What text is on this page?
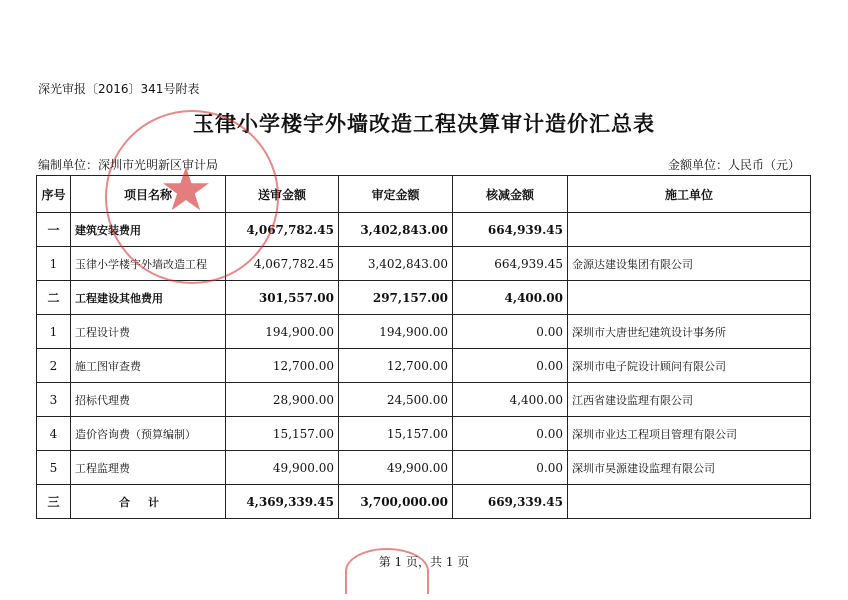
深光审报〔2016〕341号附表
玉律小学楼宇外墙改造工程决算审计造价汇总表
编制单位：深圳市光明新区审计局	金额单位：人民币（元）
序号	项目名称	送审金额	审定金额	核减金额	施工单位
一	建筑安装费用	4,067,782.45	3,402,843.00	664,939.45	
1	玉律小学楼宇外墙改造工程	4,067,782.45	3,402,843.00	664,939.45	金源达建设集团有限公司
二	工程建设其他费用	301,557.00	297,157.00	4,400.00	
1	工程设计费	194,900.00	194,900.00	0.00	深圳市大唐世纪建筑设计事务所
2	施工图审查费	12,700.00	12,700.00	0.00	深圳市电子院设计顾问有限公司
3	招标代理费	28,900.00	24,500.00	4,400.00	江西省建设监理有限公司
4	造价咨询费（预算编制）	15,157.00	15,157.00	0.00	深圳市业达工程项目管理有限公司
5	工程监理费	49,900.00	49,900.00	0.00	深圳市昊源建设监理有限公司
三	合计	4,369,339.45	3,700,000.00	669,339.45	
第 1 页，共 1 页
★
